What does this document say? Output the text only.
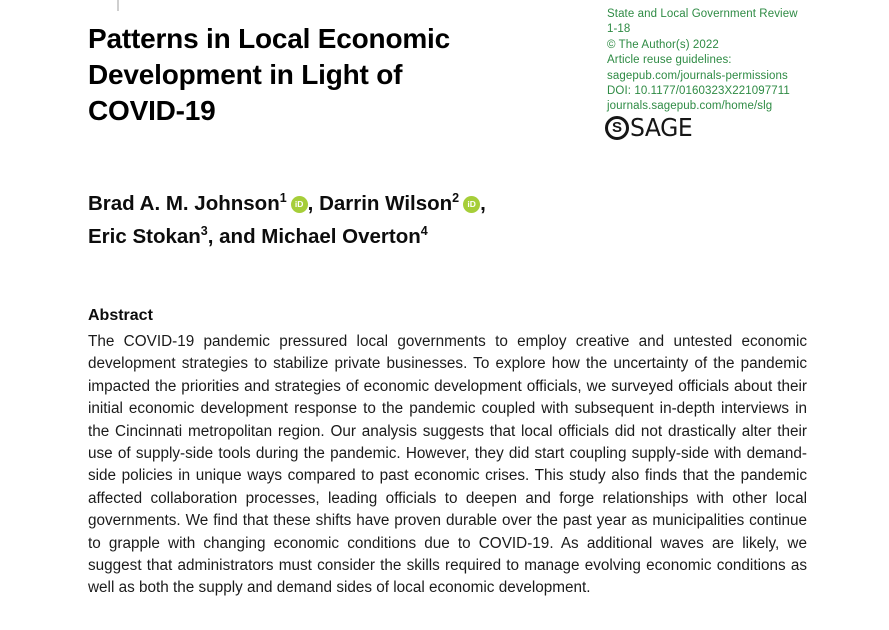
State and Local Government Review
1-18
© The Author(s) 2022
Article reuse guidelines:
sagepub.com/journals-permissions
DOI: 10.1177/0160323X221097711
journals.sagepub.com/home/slg
S SAGE
Patterns in Local Economic
Development in Light of
COVID-19
Brad A. M. Johnson$^1$ iD , Darrin Wilson$^2$ iD ,
Eric Stokan$^3$, and Michael Overton$^4$
Abstract

The COVID-19 pandemic pressured local governments to employ creative and untested economic development strategies to stabilize private businesses. To explore how the uncertainty of the pandemic impacted the priorities and strategies of economic development officials, we surveyed officials about their initial economic development response to the pandemic coupled with subsequent in-depth interviews in the Cincinnati metropolitan region. Our analysis suggests that local officials did not drastically alter their use of supply-side tools during the pandemic. However, they did start coupling supply-side with demand-side policies in unique ways compared to past economic crises. This study also finds that the pandemic affected collaboration processes, leading officials to deepen and forge relationships with other local governments. We find that these shifts have proven durable over the past year as municipalities continue to grapple with changing economic conditions due to COVID-19. As additional waves are likely, we suggest that administrators must consider the skills required to manage evolving economic conditions as well as both the supply and demand sides of local economic development.
